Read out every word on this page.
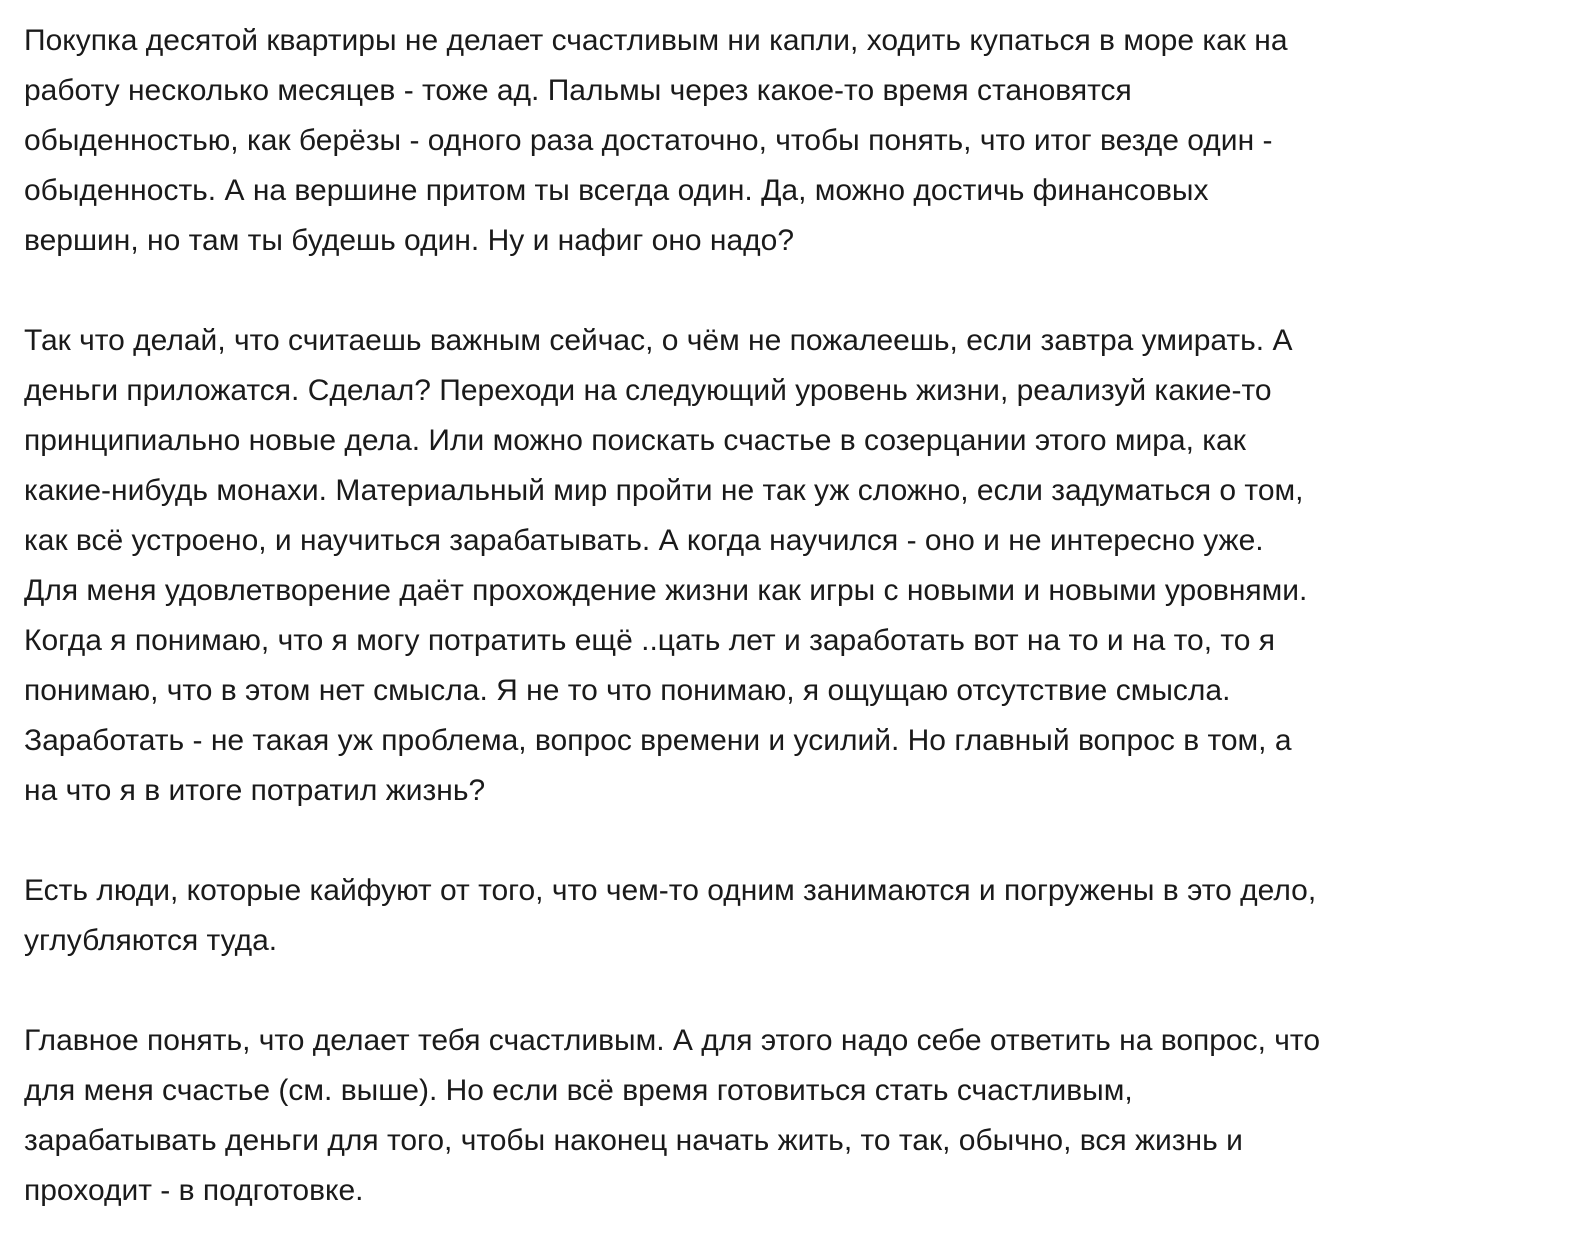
Покупка десятой квартиры не делает счастливым ни капли, ходить купаться в море как на
работу несколько месяцев - тоже ад. Пальмы через какое-то время становятся
обыденностью, как берёзы - одного раза достаточно, чтобы понять, что итог везде один -
обыденность. А на вершине притом ты всегда один. Да, можно достичь финансовых
вершин, но там ты будешь один. Ну и нафиг оно надо?

Так что делай, что считаешь важным сейчас, о чём не пожалеешь, если завтра умирать. А
деньги приложатся. Сделал? Переходи на следующий уровень жизни, реализуй какие-то
принципиально новые дела. Или можно поискать счастье в созерцании этого мира, как
какие-нибудь монахи. Материальный мир пройти не так уж сложно, если задуматься о том,
как всё устроено, и научиться зарабатывать. А когда научился - оно и не интересно уже.
Для меня удовлетворение даёт прохождение жизни как игры с новыми и новыми уровнями.
Когда я понимаю, что я могу потратить ещё ..цать лет и заработать вот на то и на то, то я
понимаю, что в этом нет смысла. Я не то что понимаю, я ощущаю отсутствие смысла.
Заработать - не такая уж проблема, вопрос времени и усилий. Но главный вопрос в том, а
на что я в итоге потратил жизнь?

Есть люди, которые кайфуют от того, что чем-то одним занимаются и погружены в это дело,
углубляются туда.

Главное понять, что делает тебя счастливым. А для этого надо себе ответить на вопрос, что
для меня счастье (см. выше). Но если всё время готовиться стать счастливым,
зарабатывать деньги для того, чтобы наконец начать жить, то так, обычно, вся жизнь и
проходит - в подготовке.
